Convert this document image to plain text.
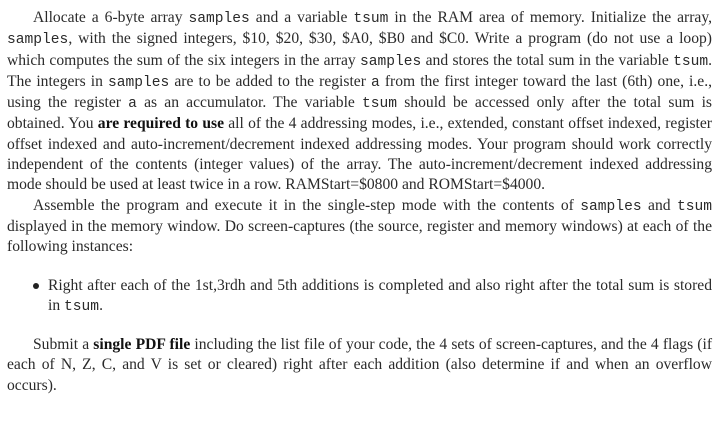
Allocate a 6-byte array samples and a variable tsum in the RAM area of memory. Initialize the array, samples, with the signed integers, $10, $20, $30, $A0, $B0 and $C0. Write a program (do not use a loop) which computes the sum of the six integers in the array samples and stores the total sum in the variable tsum. The integers in samples are to be added to the register a from the first integer toward the last (6th) one, i.e., using the register a as an accumulator. The variable tsum should be accessed only after the total sum is obtained. You are required to use all of the 4 addressing modes, i.e., extended, constant offset indexed, register offset indexed and auto-increment/decrement indexed addressing modes. Your program should work correctly independent of the contents (integer values) of the array. The auto-increment/decrement indexed addressing mode should be used at least twice in a row. RAMStart=$0800 and ROMStart=$4000.

Assemble the program and execute it in the single-step mode with the contents of samples and tsum displayed in the memory window. Do screen-captures (the source, register and memory windows) at each of the following instances:

Right after each of the 1st,3rdh and 5th additions is completed and also right after the total sum is stored in tsum.

Submit a single PDF file including the list file of your code, the 4 sets of screen-captures, and the 4 flags (if each of N, Z, C, and V is set or cleared) right after each addition (also determine if and when an overflow occurs).
